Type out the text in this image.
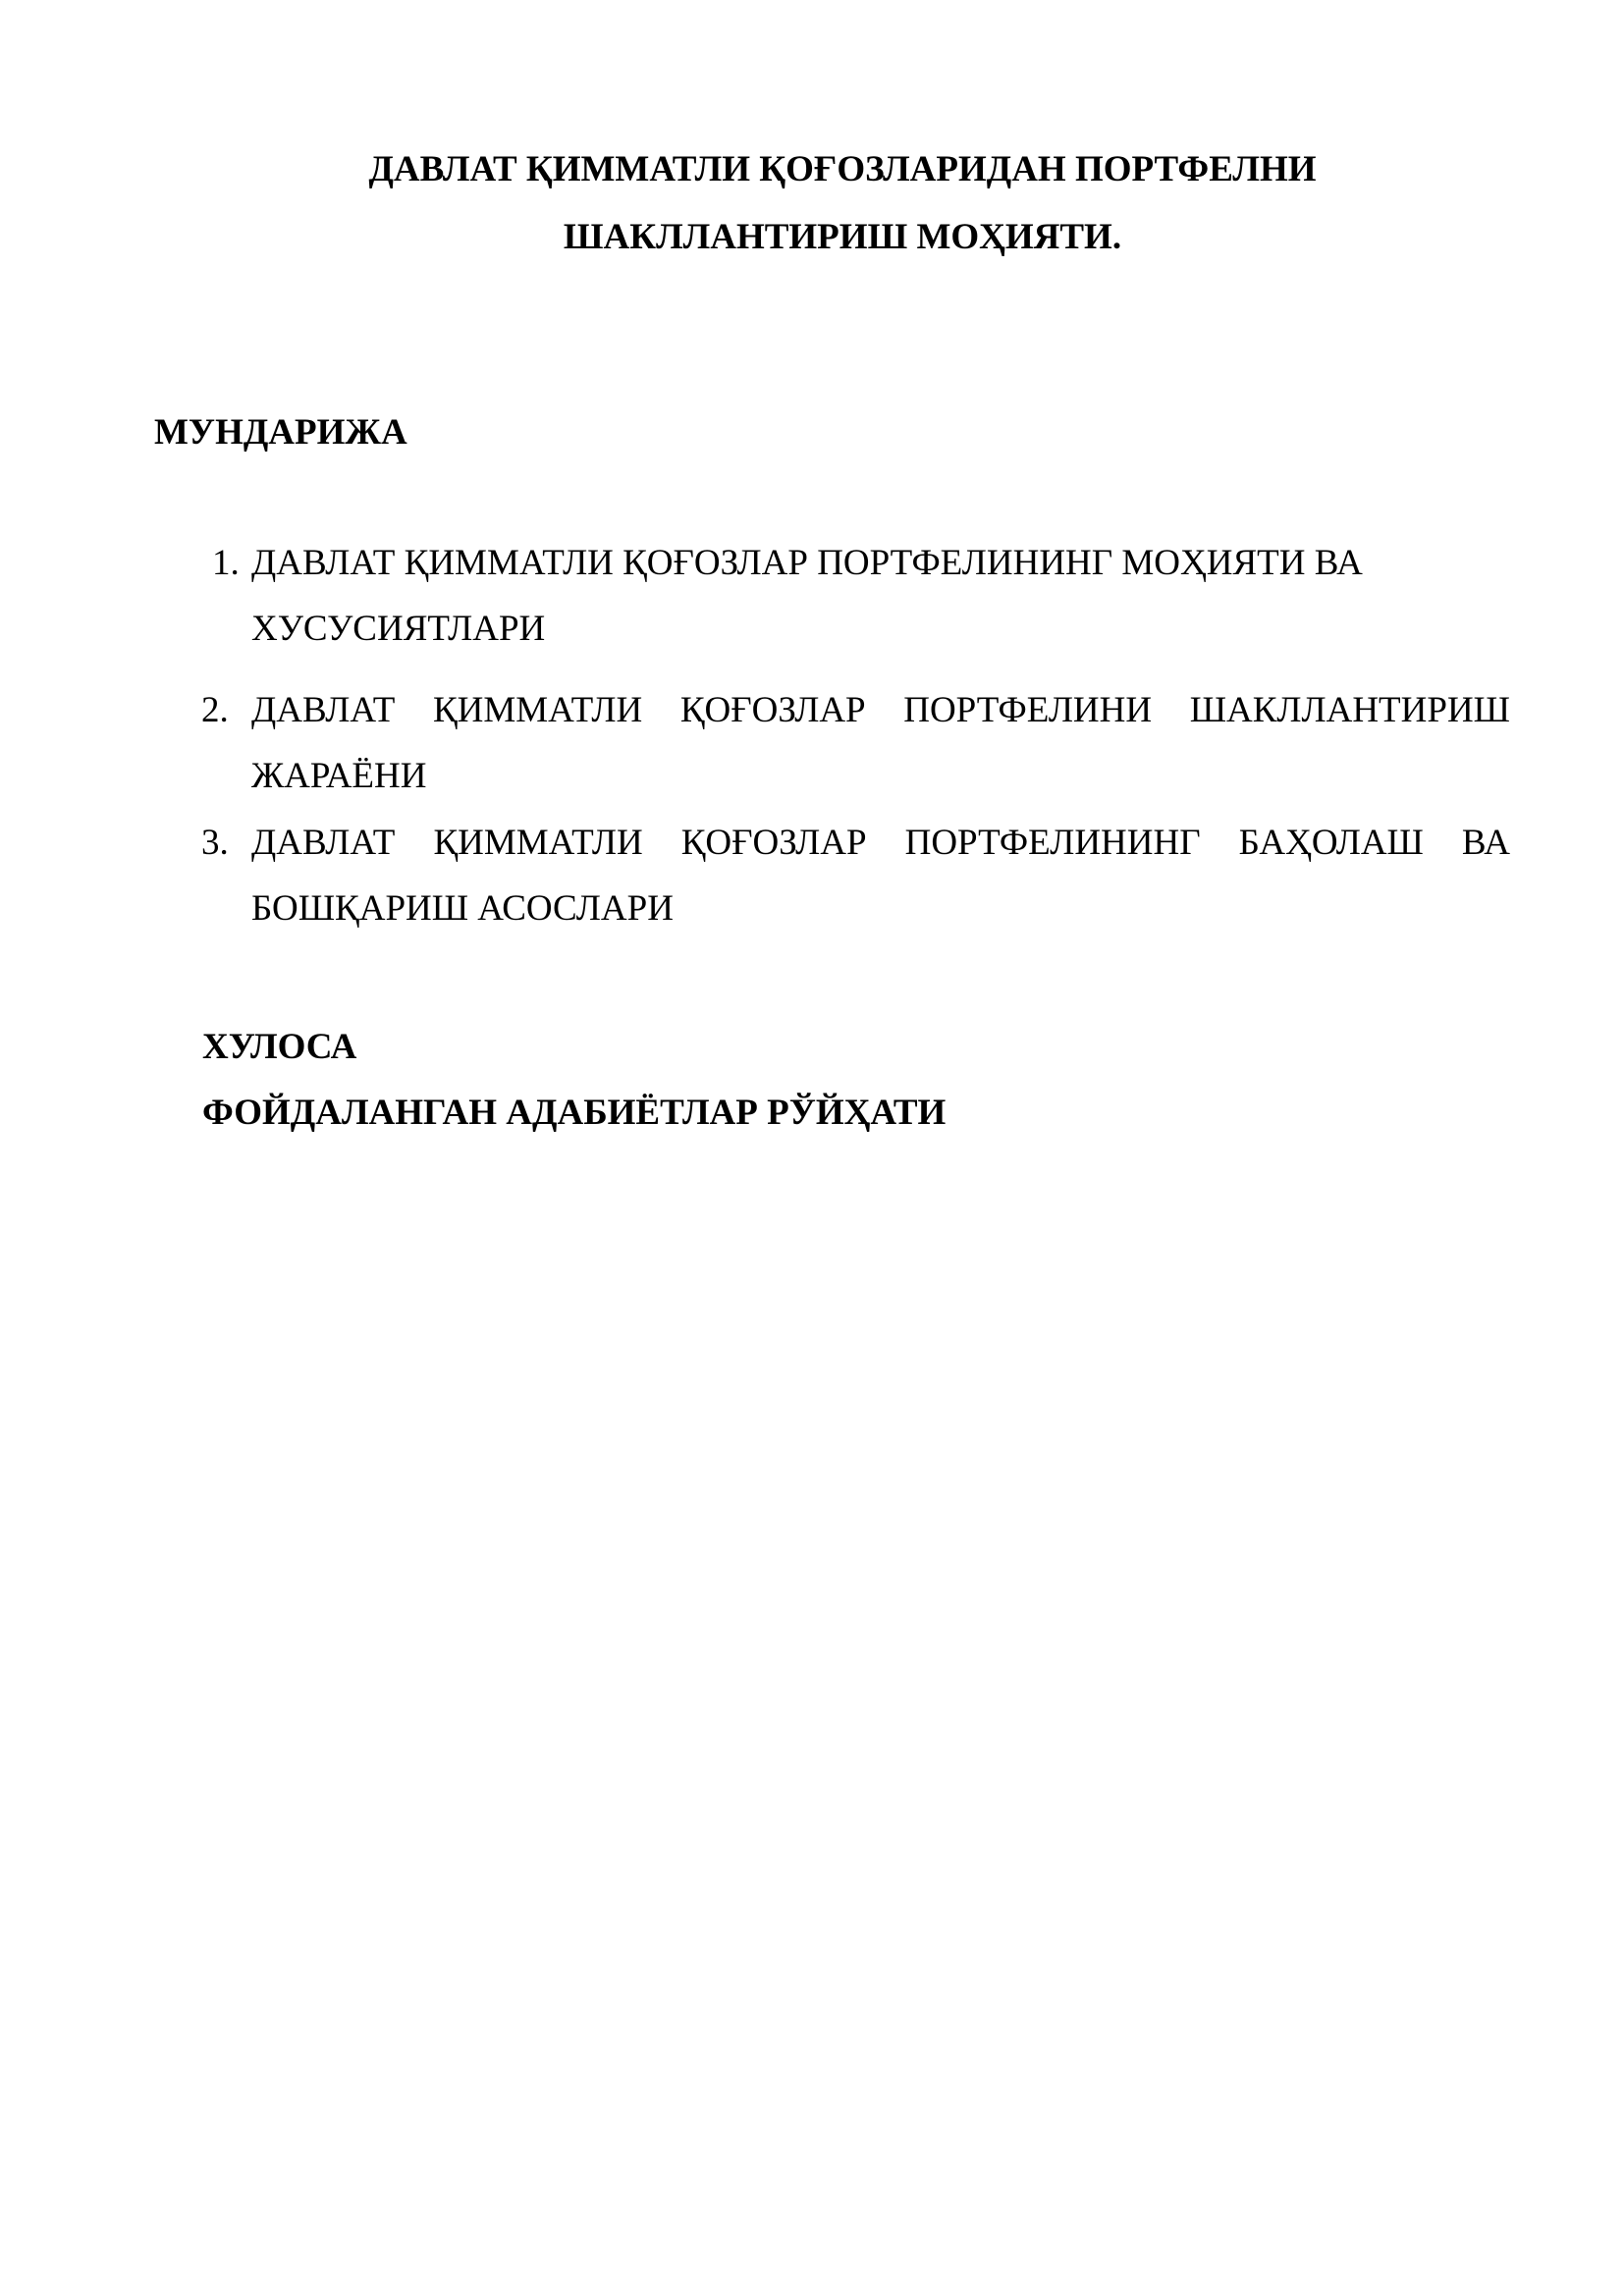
ДАВЛАТ ҚИММАТЛИ ҚОҒОЗЛАРИДАН ПОРТФЕЛНИ
ШАКЛЛАНТИРИШ МОҲИЯТИ.
МУНДАРИЖА
1. ДАВЛАТ ҚИММАТЛИ ҚОҒОЗЛАР ПОРТФЕЛИНИНГ МОҲИЯТИ ВА
ХУСУСИЯТЛАРИ
2. ДАВЛАТ ҚИММАТЛИ ҚОҒОЗЛАР ПОРТФЕЛИНИ ШАКЛЛАНТИРИШ
ЖАРАЁНИ
3. ДАВЛАТ ҚИММАТЛИ ҚОҒОЗЛАР ПОРТФЕЛИНИНГ БАҲОЛАШ ВА
БОШҚАРИШ АСОСЛАРИ
ХУЛОСА
ФОЙДАЛАНГАН АДАБИЁТЛАР РЎЙҲАТИ
